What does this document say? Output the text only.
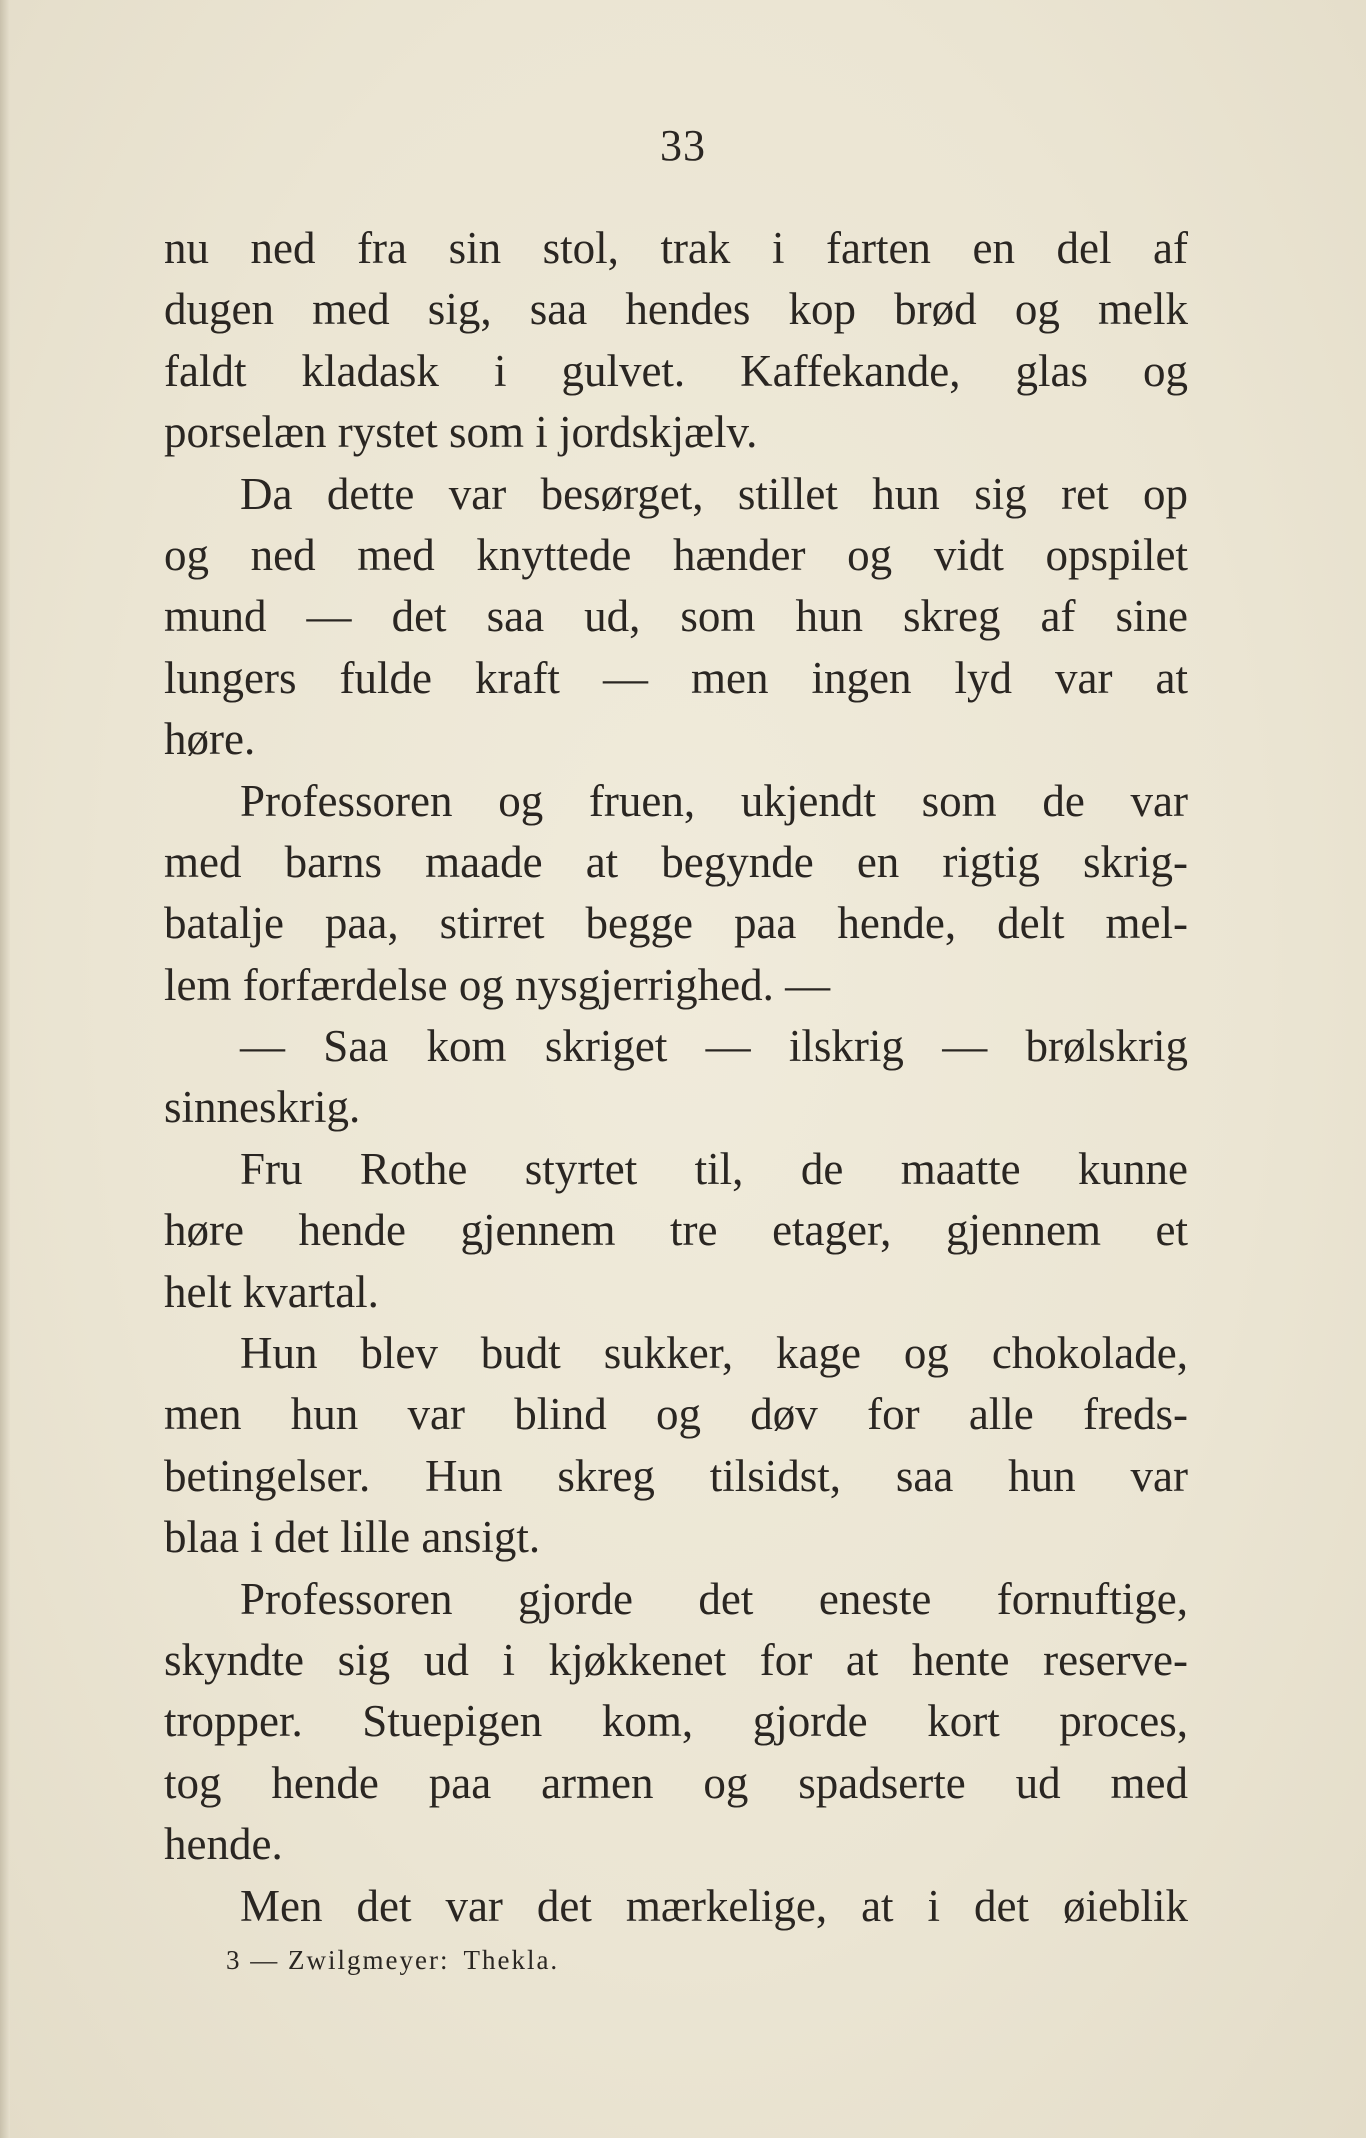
33
nu ned fra sin stol, trak i farten en del af
dugen med sig, saa hendes kop brød og melk
faldt kladask i gulvet. Kaffekande, glas og
porselæn rystet som i jordskjælv.
Da dette var besørget, stillet hun sig ret op
og ned med knyttede hænder og vidt opspilet
mund — det saa ud, som hun skreg af sine
lungers fulde kraft — men ingen lyd var at
høre.
Professoren og fruen, ukjendt som de var
med barns maade at begynde en rigtig skrig-
batalje paa, stirret begge paa hende, delt mel-
lem forfærdelse og nysgjerrighed. —
— Saa kom skriget — ilskrig — brølskrig
sinneskrig.
Fru Rothe styrtet til, de maatte kunne
høre hende gjennem tre etager, gjennem et
helt kvartal.
Hun blev budt sukker, kage og chokolade,
men hun var blind og døv for alle freds-
betingelser. Hun skreg tilsidst, saa hun var
blaa i det lille ansigt.
Professoren gjorde det eneste fornuftige,
skyndte sig ud i kjøkkenet for at hente reserve-
tropper. Stuepigen kom, gjorde kort proces,
tog hende paa armen og spadserte ud med
hende.
Men det var det mærkelige, at i det øieblik
3 — Zwilgmeyer: Thekla.
